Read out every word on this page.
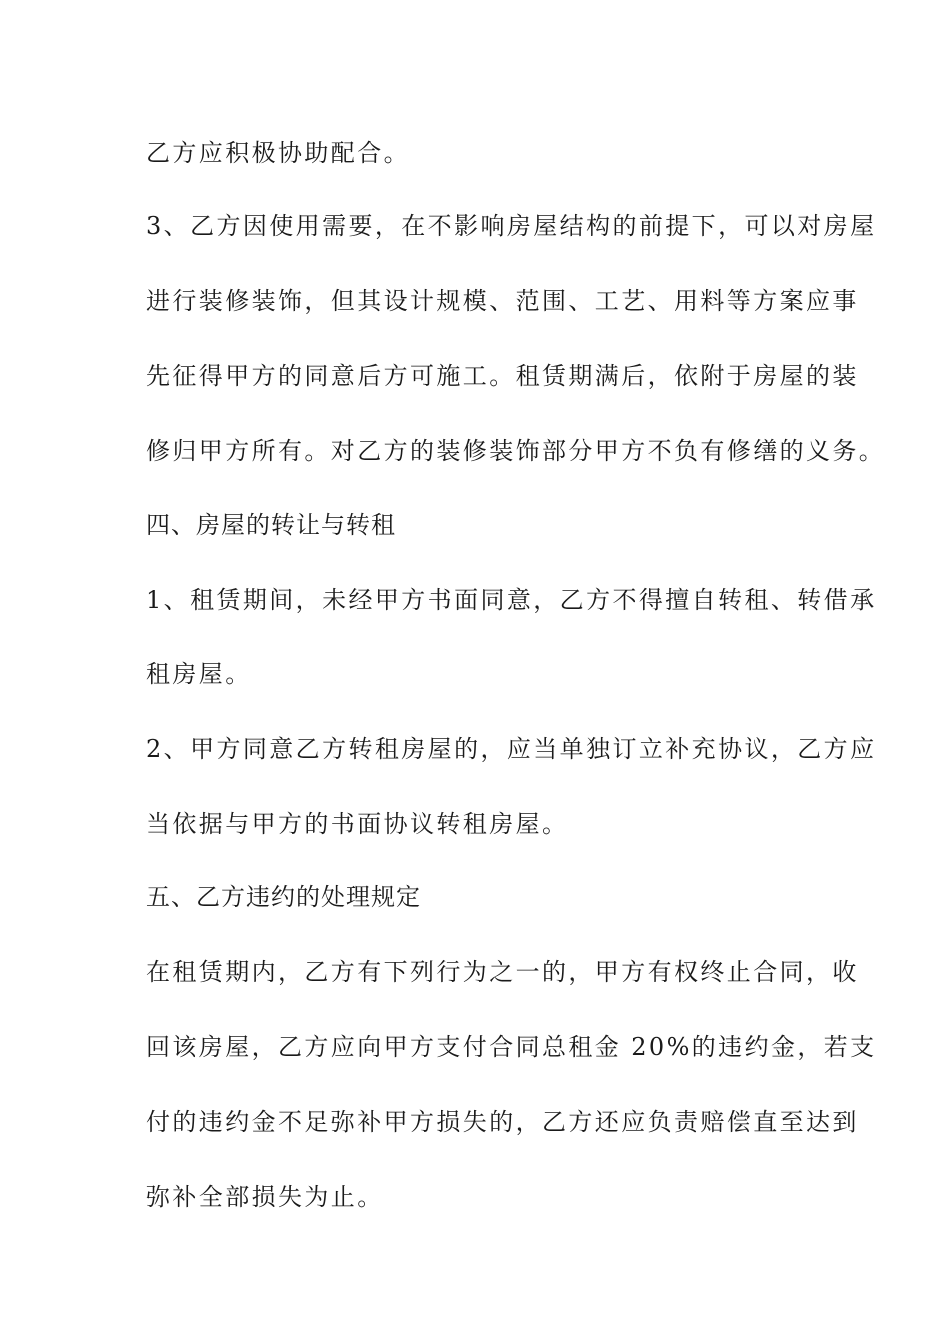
乙方应积极协助配合。
3、乙方因使用需要，在不影响房屋结构的前提下，可以对房屋
进行装修装饰，但其设计规模、范围、工艺、用料等方案应事
先征得甲方的同意后方可施工。租赁期满后，依附于房屋的装
修归甲方所有。对乙方的装修装饰部分甲方不负有修缮的义务。
四、房屋的转让与转租
1、租赁期间，未经甲方书面同意，乙方不得擅自转租、转借承
租房屋。
2、甲方同意乙方转租房屋的，应当单独订立补充协议，乙方应
当依据与甲方的书面协议转租房屋。
五、乙方违约的处理规定
在租赁期内，乙方有下列行为之一的，甲方有权终止合同，收
回该房屋，乙方应向甲方支付合同总租金 20%的违约金，若支
付的违约金不足弥补甲方损失的，乙方还应负责赔偿直至达到
弥补全部损失为止。
